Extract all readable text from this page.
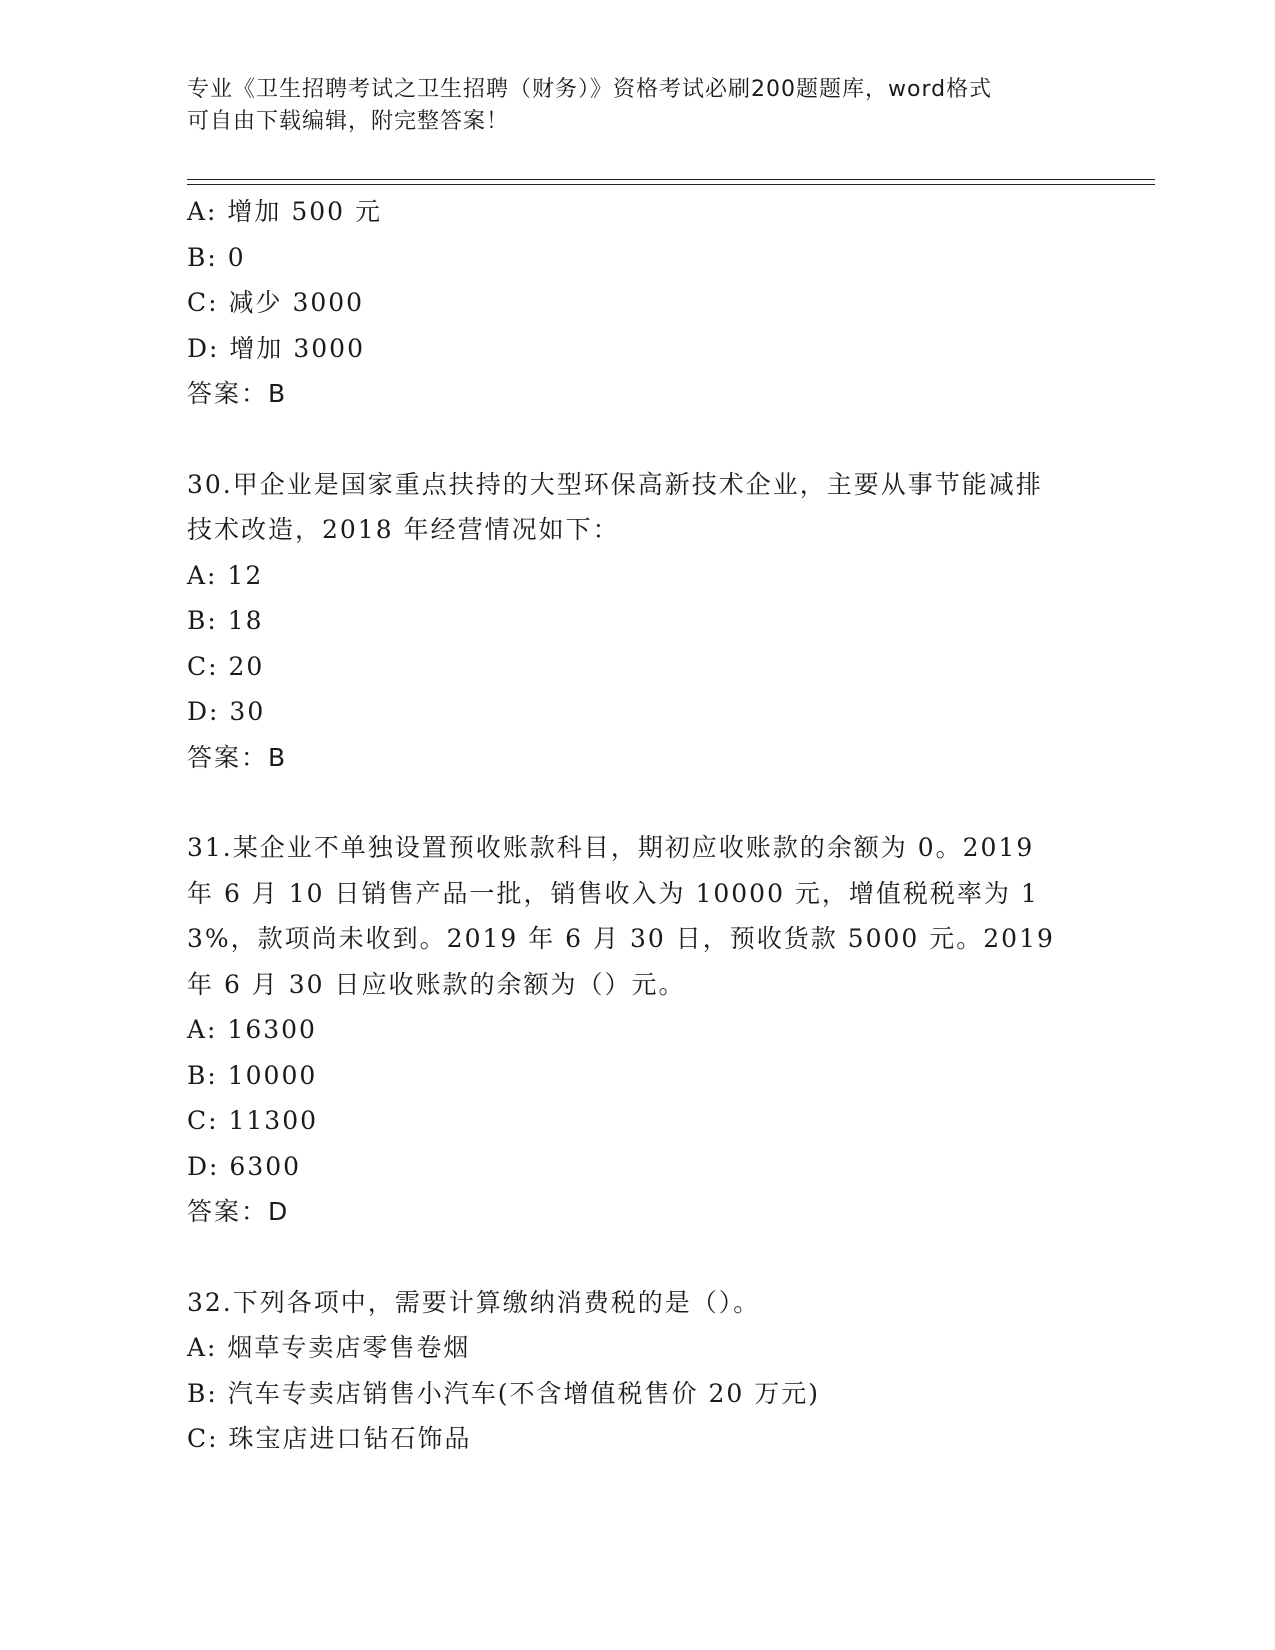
专业《卫生招聘考试之卫生招聘（财务）》资格考试必刷200题题库，word格式
可自由下载编辑，附完整答案！
A: 增加 500 元
B: 0
C: 减少 3000
D: 增加 3000
答案：B
30.甲企业是国家重点扶持的大型环保高新技术企业，主要从事节能减排技术改造，2018 年经营情况如下：
A: 12
B: 18
C: 20
D: 30
答案：B
31.某企业不单独设置预收账款科目，期初应收账款的余额为 0。2019 年 6 月 10 日销售产品一批，销售收入为 10000 元，增值税税率为 13%，款项尚未收到。2019 年 6 月 30 日，预收货款 5000 元。2019 年 6 月 30 日应收账款的余额为（）元。
A: 16300
B: 10000
C: 11300
D: 6300
答案：D
32.下列各项中，需要计算缴纳消费税的是（）。
A: 烟草专卖店零售卷烟
B: 汽车专卖店销售小汽车(不含增值税售价 20 万元)
C: 珠宝店进口钻石饰品
